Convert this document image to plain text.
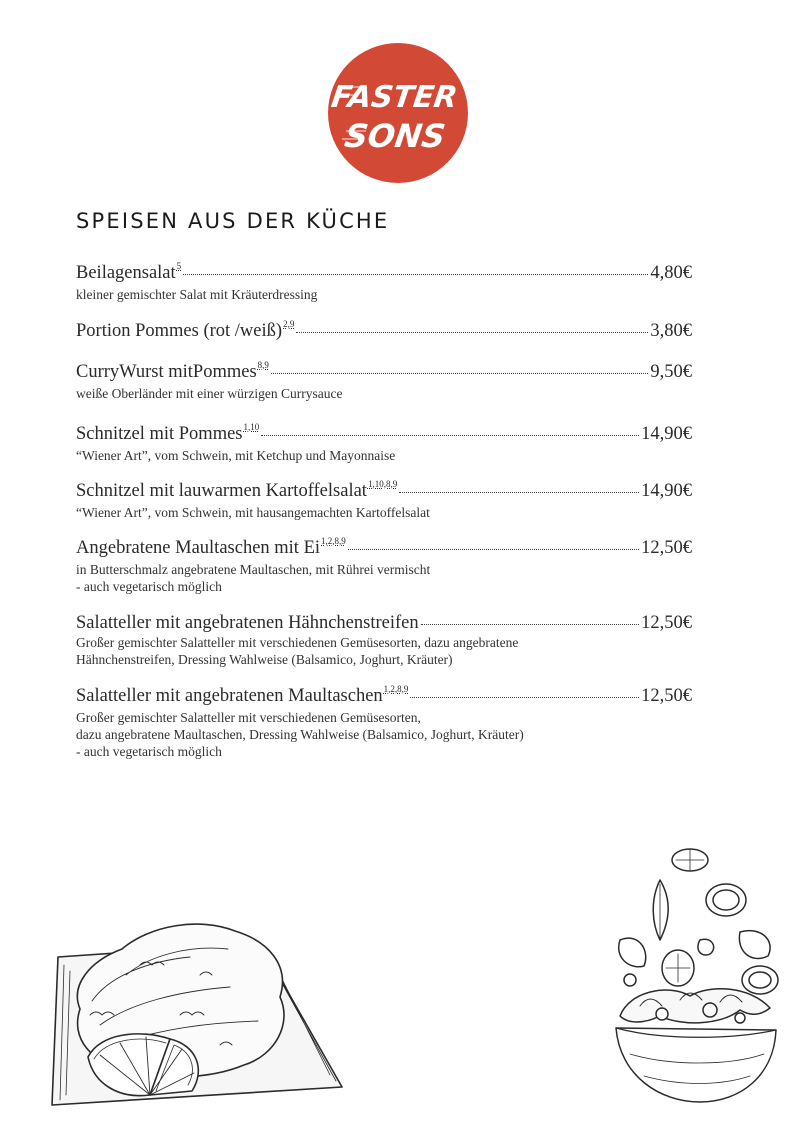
FASTER
SONS
SPEISEN AUS DER KÜCHE
Beilagensalat 5	4,80€
kleiner gemischter Salat mit Kräuterdressing
Portion Pommes (rot /weiß) 2,9	3,80€
CurryWurst mitPommes 8,9	9,50€
weiße Oberländer mit einer würzigen Currysauce
Schnitzel mit Pommes 1,10	14,90€
“Wiener Art”, vom Schwein, mit Ketchup und Mayonnaise
Schnitzel mit lauwarmen Kartoffelsalat 1,10,8,9	14,90€
“Wiener Art”, vom Schwein, mit hausangemachten Kartoffelsalat
Angebratene Maultaschen mit Ei 1,2,8,9	12,50€
in Butterschmalz angebratene Maultaschen, mit Rührei vermischt
- auch vegetarisch möglich
Salatteller mit angebratenen Hähnchenstreifen	12,50€
Großer gemischter Salatteller mit verschiedenen Gemüsesorten, dazu angebratene
Hähnchenstreifen, Dressing Wahlweise (Balsamico, Joghurt, Kräuter)
Salatteller mit angebratenen Maultaschen 1,2,8,9	12,50€
Großer gemischter Salatteller mit verschiedenen Gemüsesorten,
dazu angebratene Maultaschen, Dressing Wahlweise (Balsamico, Joghurt, Kräuter)
- auch vegetarisch möglich
